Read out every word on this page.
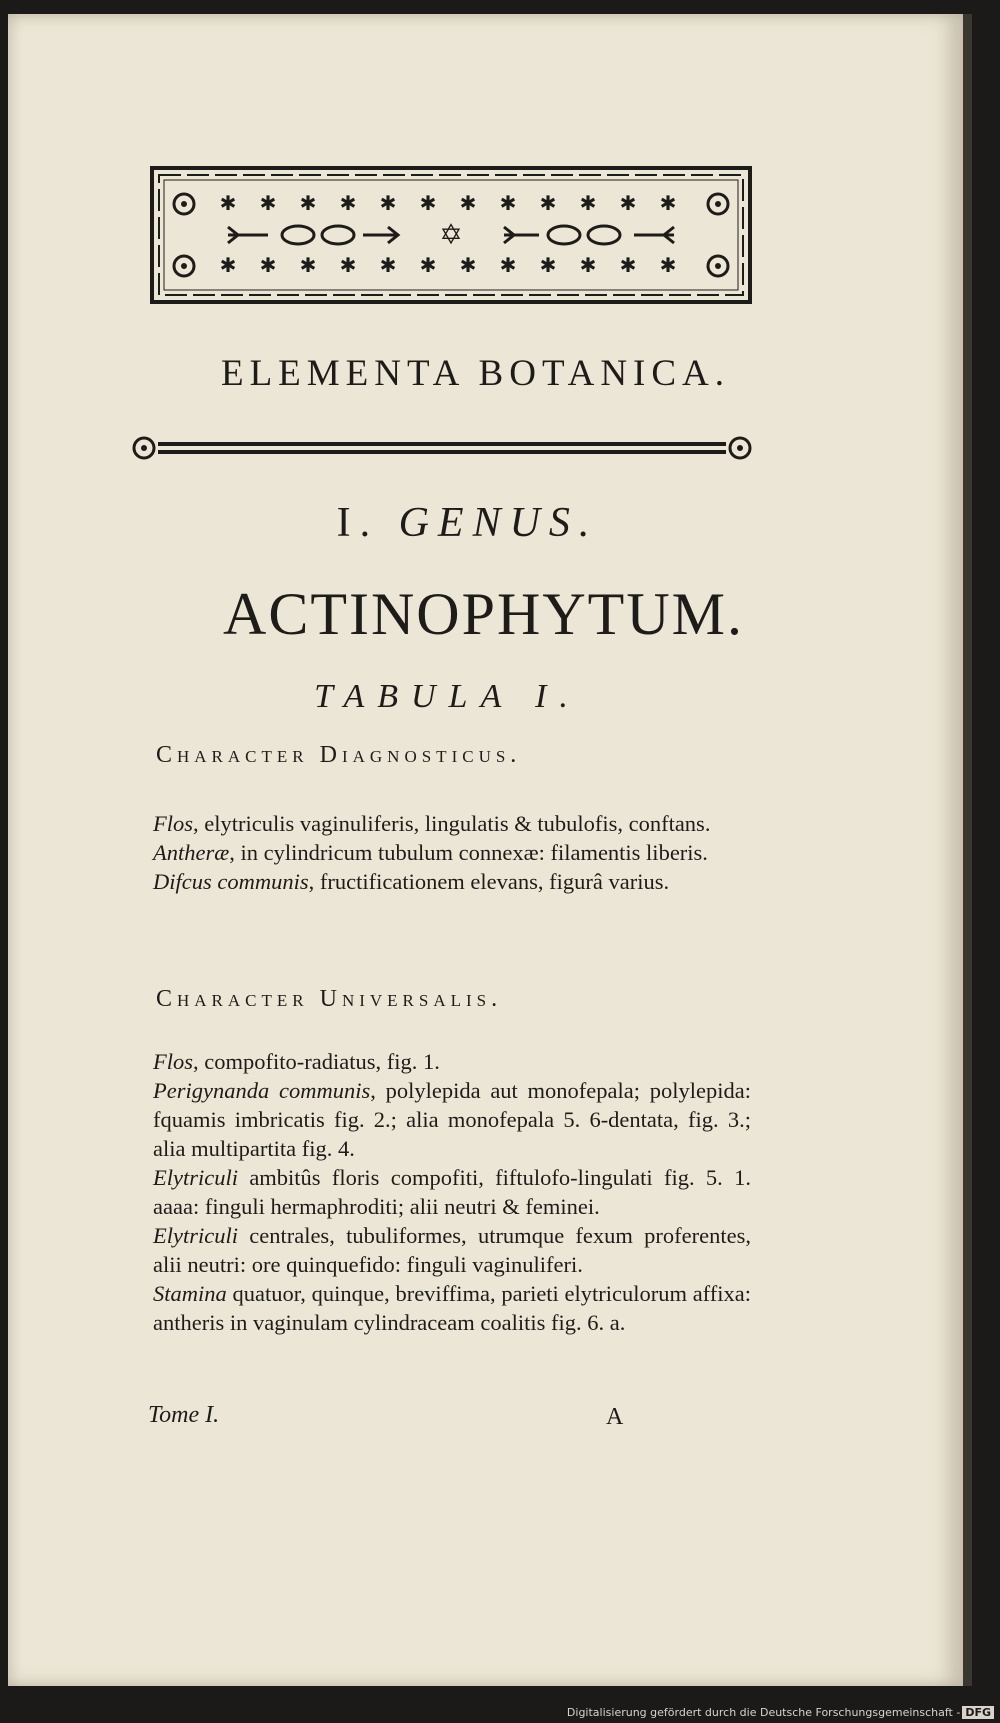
✱ ✱ ✱ ✱ ✱ ✱ ✱ ✱ ✱ ✱ ✱ ✱
✱ ✱ ✱ ✱ ✱ ✱ ✱ ✱ ✱ ✱ ✱ ✱
✡
ELEMENTA BOTANICA.
I. GENUS.
ACTINOPHYTUM.
TABULA I.
Character Diagnosticus.

Flos, elytriculis vaginuliferis, lingulatis & tubulofis, conftans.

Antheræ, in cylindricum tubulum connexæ: filamentis liberis.

Difcus communis, fructificationem elevans, figurâ varius.

Character Universalis.

Flos, compofito-radiatus, fig. 1.

Perigynanda communis, polylepida aut monofepala; polylepida: fquamis imbricatis fig. 2.; alia monofepala 5. 6-dentata, fig. 3.; alia multipartita fig. 4.

Elytriculi ambitûs floris compofiti, fiftulofo-lingulati fig. 5. 1. aaaa: finguli hermaphroditi; alii neutri & feminei.

Elytriculi centrales, tubuliformes, utrumque fexum proferentes, alii neutri: ore quinquefido: finguli vaginuliferi.

Stamina quatuor, quinque, breviffima, parieti elytriculorum affixa: antheris in vaginulam cylindraceam coalitis fig. 6. a.

Tome I.	A
Digitalisierung gefördert durch die Deutsche Forschungsgemeinschaft - DFG
